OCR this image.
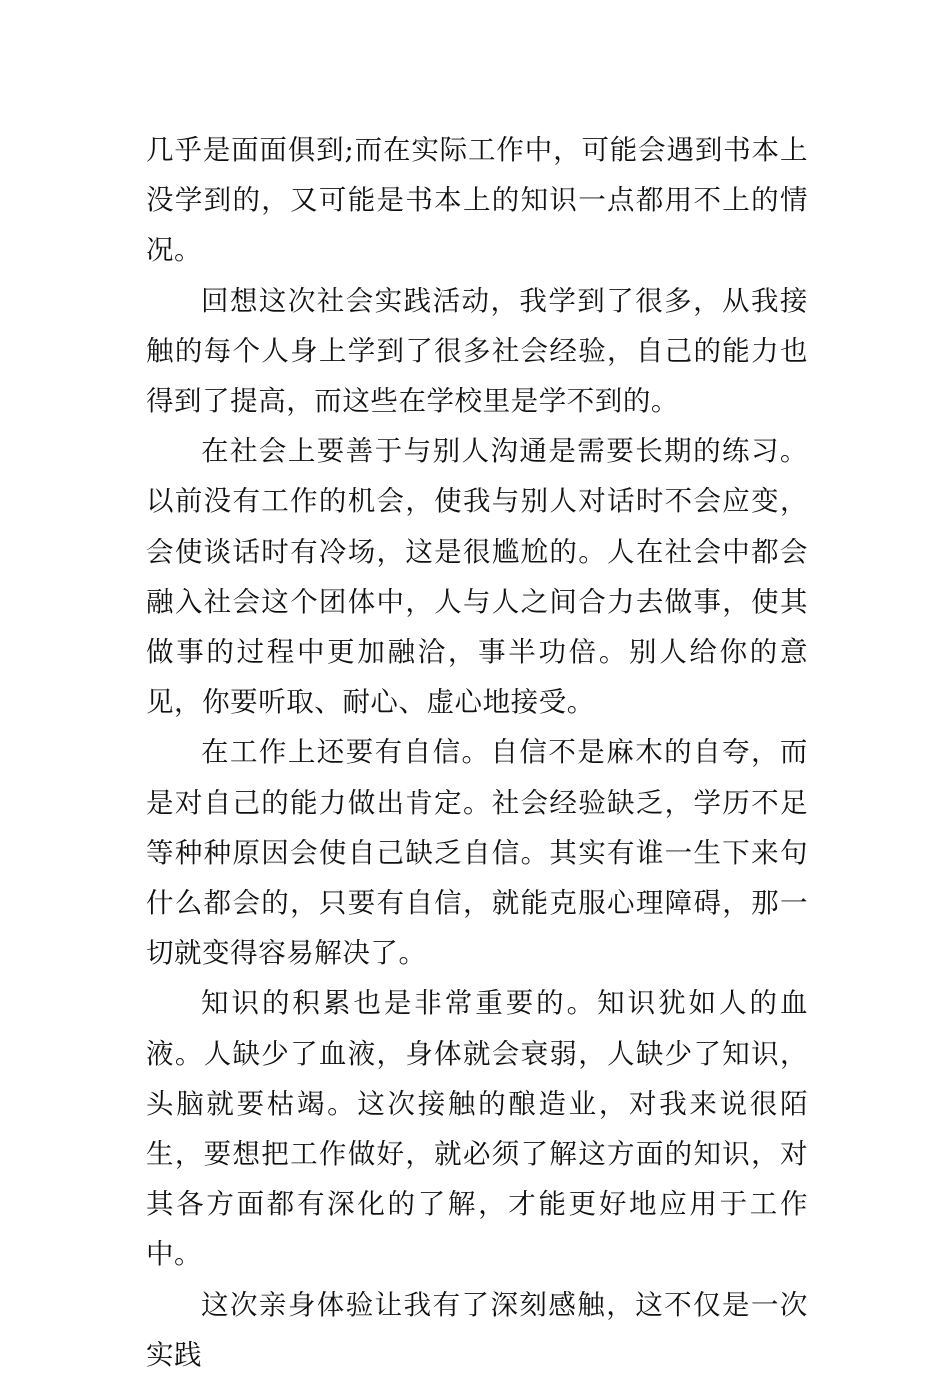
几乎是面面俱到;而在实际工作中，可能会遇到书本上没学到的，又可能是书本上的知识一点都用不上的情况。

回想这次社会实践活动，我学到了很多，从我接触的每个人身上学到了很多社会经验，自己的能力也得到了提高，而这些在学校里是学不到的。

在社会上要善于与别人沟通是需要长期的练习。以前没有工作的机会，使我与别人对话时不会应变，会使谈话时有冷场，这是很尴尬的。人在社会中都会融入社会这个团体中，人与人之间合力去做事，使其做事的过程中更加融洽，事半功倍。别人给你的意见，你要听取、耐心、虚心地接受。

在工作上还要有自信。自信不是麻木的自夸，而是对自己的能力做出肯定。社会经验缺乏，学历不足等种种原因会使自己缺乏自信。其实有谁一生下来句什么都会的，只要有自信，就能克服心理障碍，那一切就变得容易解决了。

知识的积累也是非常重要的。知识犹如人的血液。人缺少了血液，身体就会衰弱，人缺少了知识，头脑就要枯竭。这次接触的酿造业，对我来说很陌生，要想把工作做好，就必须了解这方面的知识，对其各方面都有深化的了解，才能更好地应用于工作中。

这次亲身体验让我有了深刻感触，这不仅是一次实践
